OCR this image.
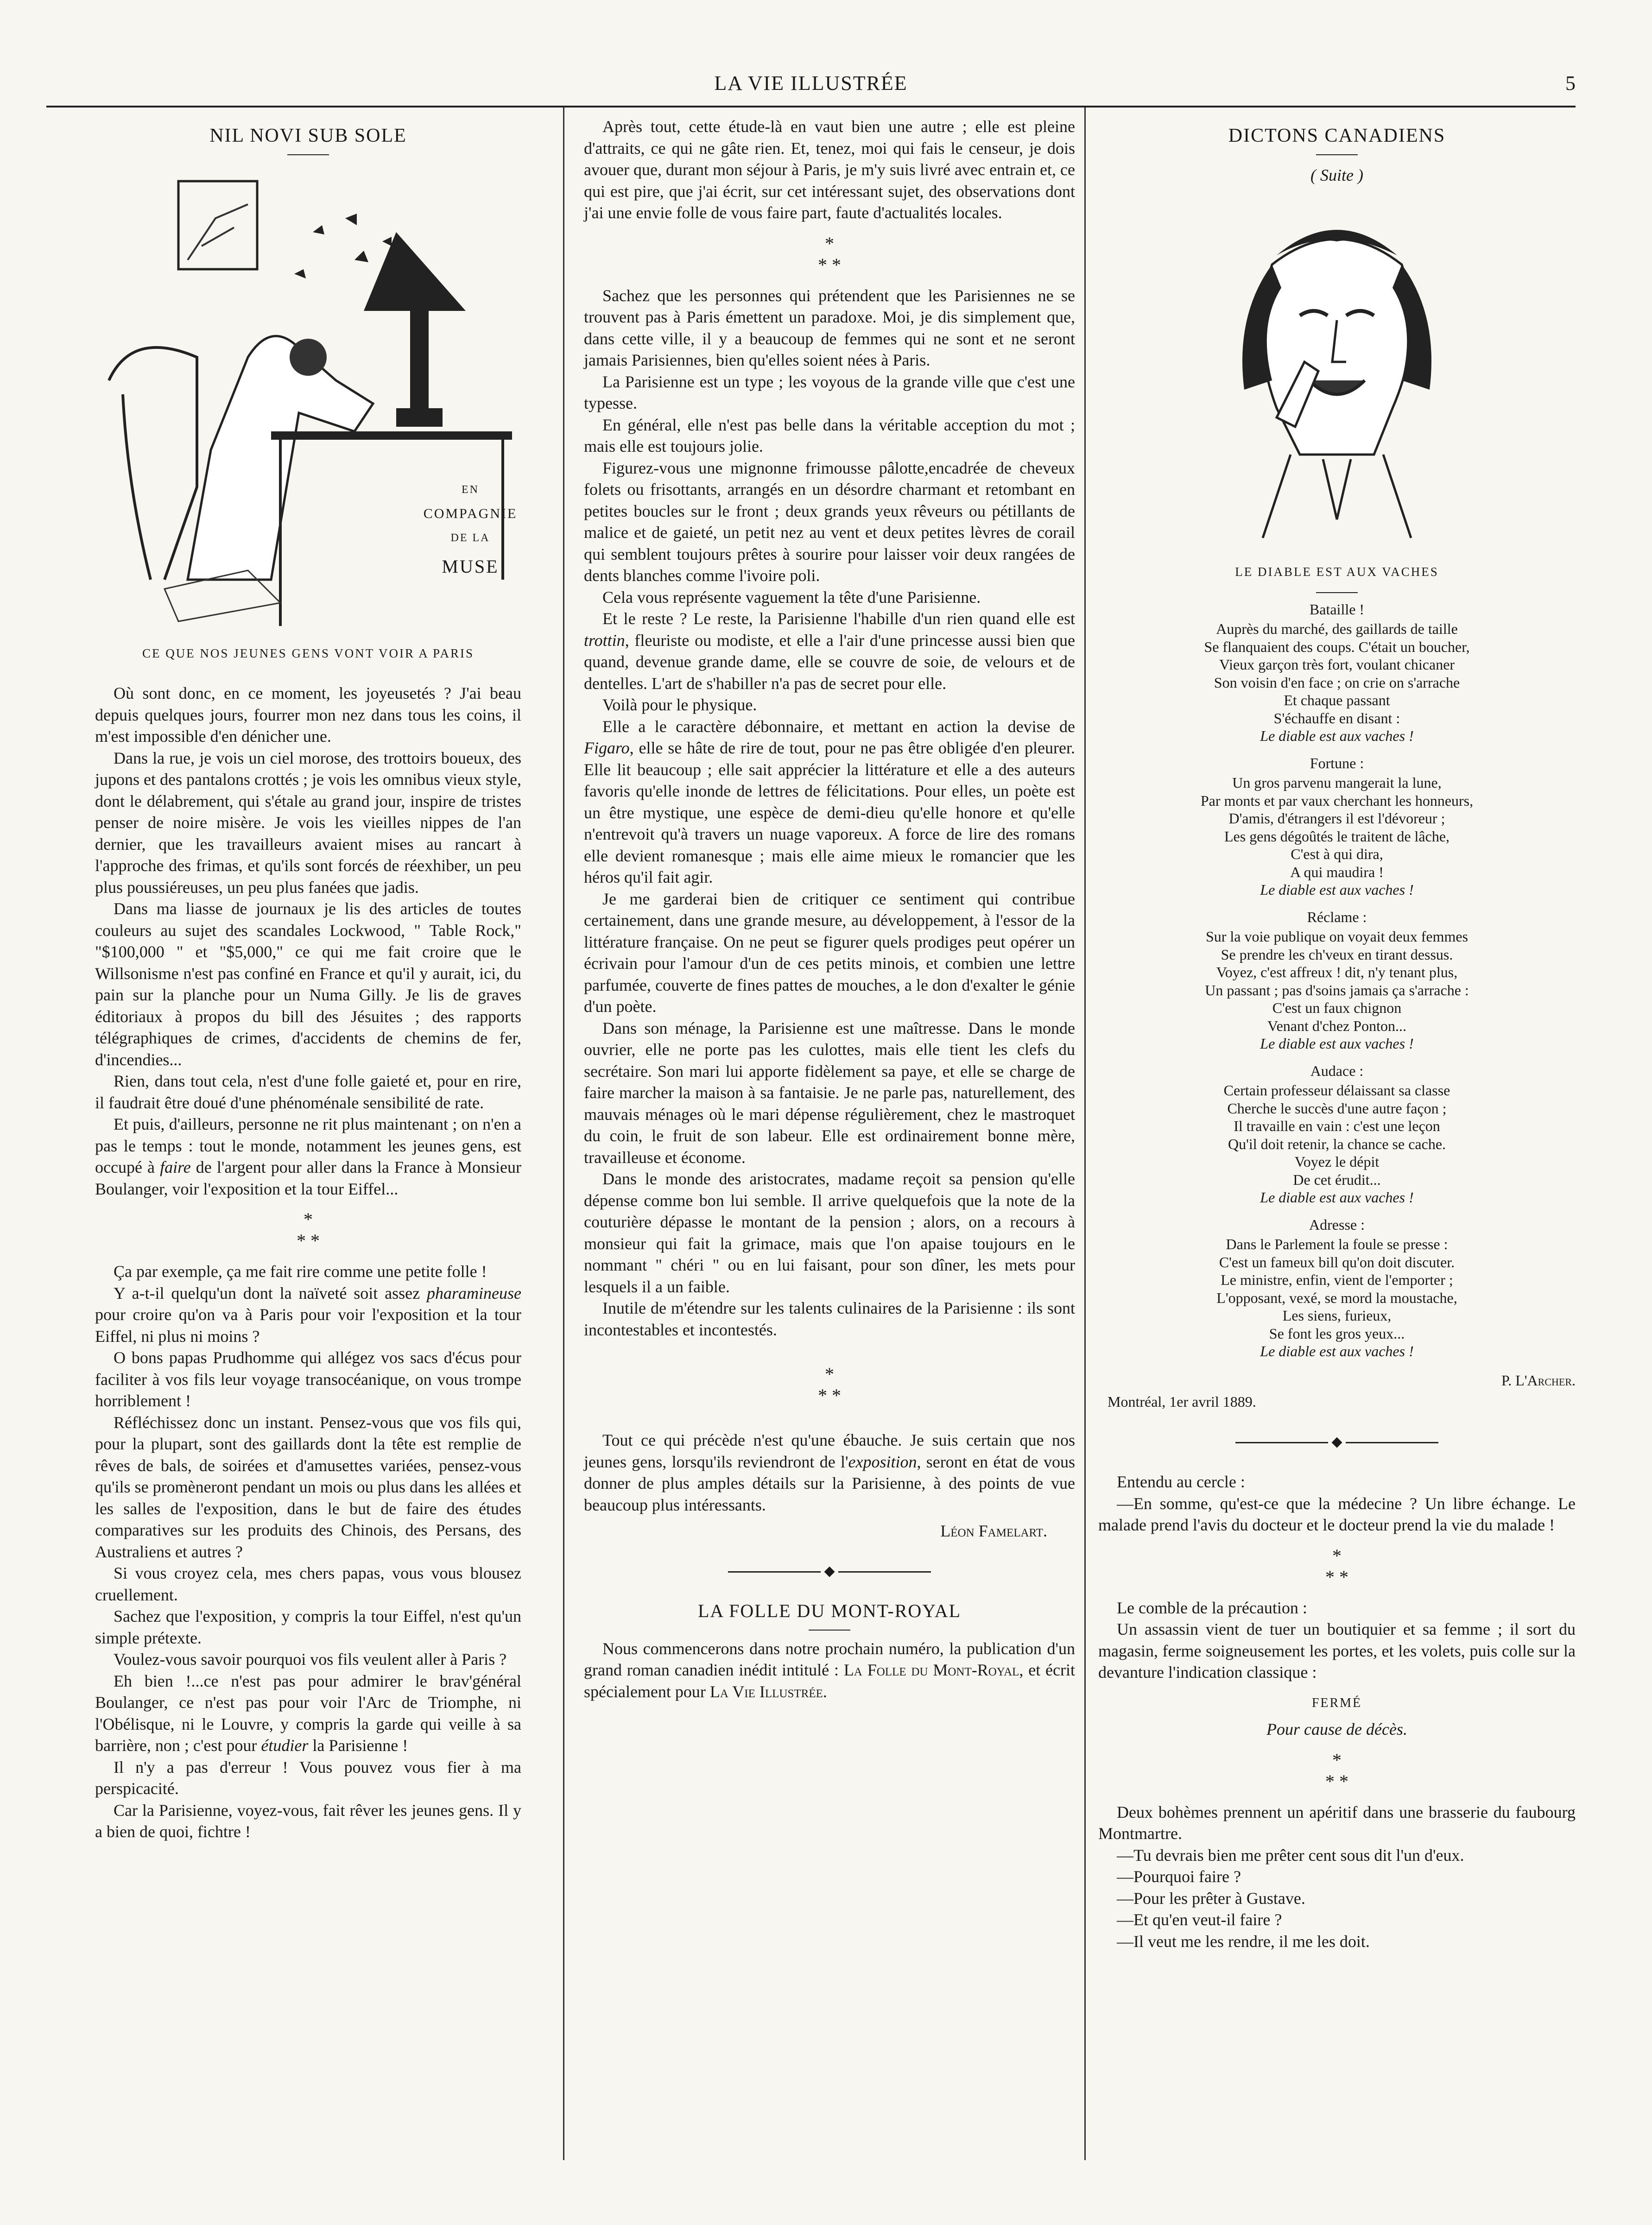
LA VIE ILLUSTRÉE	5
NIL NOVI SUB SOLE
EN
COMPAGNIE
DE LA
MUSE
CE QUE NOS JEUNES GENS VONT VOIR A PARIS

Où sont donc, en ce moment, les joyeusetés ? J'ai beau depuis quelques jours, fourrer mon nez dans tous les coins, il m'est impossible d'en dénicher une.

Dans la rue, je vois un ciel morose, des trottoirs boueux, des jupons et des pantalons crottés ; je vois les omnibus vieux style, dont le délabrement, qui s'étale au grand jour, inspire de tristes penser de noire misère. Je vois les vieilles nippes de l'an dernier, que les travailleurs avaient mises au rancart à l'approche des frimas, et qu'ils sont forcés de réexhiber, un peu plus poussiéreuses, un peu plus fanées que jadis.

Dans ma liasse de journaux je lis des articles de toutes couleurs au sujet des scandales Lockwood, " Table Rock," "$100,000 " et "$5,000," ce qui me fait croire que le Willsonisme n'est pas confiné en France et qu'il y aurait, ici, du pain sur la planche pour un Numa Gilly. Je lis de graves éditoriaux à propos du bill des Jésuites ; des rapports télégraphiques de crimes, d'accidents de chemins de fer, d'incendies...

Rien, dans tout cela, n'est d'une folle gaieté et, pour en rire, il faudrait être doué d'une phénoménale sensibilité de rate.

Et puis, d'ailleurs, personne ne rit plus maintenant ; on n'en a pas le temps : tout le monde, notamment les jeunes gens, est occupé à faire de l'argent pour aller dans la France à Monsieur Boulanger, voir l'exposition et la tour Eiffel...

*
* *

Ça par exemple, ça me fait rire comme une petite folle !

Y a-t-il quelqu'un dont la naïveté soit assez pharamineuse pour croire qu'on va à Paris pour voir l'exposition et la tour Eiffel, ni plus ni moins ?

O bons papas Prudhomme qui allégez vos sacs d'écus pour faciliter à vos fils leur voyage transocéanique, on vous trompe horriblement !

Réfléchissez donc un instant. Pensez-vous que vos fils qui, pour la plupart, sont des gaillards dont la tête est remplie de rêves de bals, de soirées et d'amusettes variées, pensez-vous qu'ils se promèneront pendant un mois ou plus dans les allées et les salles de l'exposition, dans le but de faire des études comparatives sur les produits des Chinois, des Persans, des Australiens et autres ?

Si vous croyez cela, mes chers papas, vous vous blousez cruellement.

Sachez que l'exposition, y compris la tour Eiffel, n'est qu'un simple prétexte.

Voulez-vous savoir pourquoi vos fils veulent aller à Paris ?

Eh bien !...ce n'est pas pour admirer le brav'général Boulanger, ce n'est pas pour voir l'Arc de Triomphe, ni l'Obélisque, ni le Louvre, y compris la garde qui veille à sa barrière, non ; c'est pour étudier la Parisienne !

Il n'y a pas d'erreur ! Vous pouvez vous fier à ma perspicacité.

Car la Parisienne, voyez-vous, fait rêver les jeunes gens. Il y a bien de quoi, fichtre !

Après tout, cette étude-là en vaut bien une autre ; elle est pleine d'attraits, ce qui ne gâte rien. Et, tenez, moi qui fais le censeur, je dois avouer que, durant mon séjour à Paris, je m'y suis livré avec entrain et, ce qui est pire, que j'ai écrit, sur cet intéressant sujet, des observations dont j'ai une envie folle de vous faire part, faute d'actualités locales.

*
* *

Sachez que les personnes qui prétendent que les Parisiennes ne se trouvent pas à Paris émettent un paradoxe. Moi, je dis simplement que, dans cette ville, il y a beaucoup de femmes qui ne sont et ne seront jamais Parisiennes, bien qu'elles soient nées à Paris.

La Parisienne est un type ; les voyous de la grande ville que c'est une typesse.

En général, elle n'est pas belle dans la véritable acception du mot ; mais elle est toujours jolie.

Figurez-vous une mignonne frimousse pâlotte,encadrée de cheveux folets ou frisottants, arrangés en un désordre charmant et retombant en petites boucles sur le front ; deux grands yeux rêveurs ou pétillants de malice et de gaieté, un petit nez au vent et deux petites lèvres de corail qui semblent toujours prêtes à sourire pour laisser voir deux rangées de dents blanches comme l'ivoire poli.

Cela vous représente vaguement la tête d'une Parisienne.

Et le reste ? Le reste, la Parisienne l'habille d'un rien quand elle est trottin, fleuriste ou modiste, et elle a l'air d'une princesse aussi bien que quand, devenue grande dame, elle se couvre de soie, de velours et de dentelles. L'art de s'habiller n'a pas de secret pour elle.

Voilà pour le physique.

Elle a le caractère débonnaire, et mettant en action la devise de Figaro, elle se hâte de rire de tout, pour ne pas être obligée d'en pleurer. Elle lit beaucoup ; elle sait apprécier la littérature et elle a des auteurs favoris qu'elle inonde de lettres de félicitations. Pour elles, un poète est un être mystique, une espèce de demi-dieu qu'elle honore et qu'elle n'entrevoit qu'à travers un nuage vaporeux. A force de lire des romans elle devient romanesque ; mais elle aime mieux le romancier que les héros qu'il fait agir.

Je me garderai bien de critiquer ce sentiment qui contribue certainement, dans une grande mesure, au développement, à l'essor de la littérature française. On ne peut se figurer quels prodiges peut opérer un écrivain pour l'amour d'un de ces petits minois, et combien une lettre parfumée, couverte de fines pattes de mouches, a le don d'exalter le génie d'un poète.

Dans son ménage, la Parisienne est une maîtresse. Dans le monde ouvrier, elle ne porte pas les culottes, mais elle tient les clefs du secrétaire. Son mari lui apporte fidèlement sa paye, et elle se charge de faire marcher la maison à sa fantaisie. Je ne parle pas, naturellement, des mauvais ménages où le mari dépense régulièrement, chez le mastroquet du coin, le fruit de son labeur. Elle est ordinairement bonne mère, travailleuse et économe.

Dans le monde des aristocrates, madame reçoit sa pension qu'elle dépense comme bon lui semble. Il arrive quelquefois que la note de la couturière dépasse le montant de la pension ; alors, on a recours à monsieur qui fait la grimace, mais que l'on apaise toujours en le nommant " chéri " ou en lui faisant, pour son dîner, les mets pour lesquels il a un faible.

Inutile de m'étendre sur les talents culinaires de la Parisienne : ils sont incontestables et incontestés.

*
* *

Tout ce qui précède n'est qu'une ébauche. Je suis certain que nos jeunes gens, lorsqu'ils reviendront de l'exposition, seront en état de vous donner de plus amples détails sur la Parisienne, à des points de vue beaucoup plus intéressants.

Léon Famelart.
◆
LA FOLLE DU MONT-ROYAL

Nous commencerons dans notre prochain numéro, la publication d'un grand roman canadien inédit intitulé : La Folle du Mont-Royal, et écrit spécialement pour La Vie Illustrée.

DICTONS CANADIENS
( Suite )
LE DIABLE EST AUX VACHES
Bataille !
Auprès du marché, des gaillards de taille
Se flanquaient des coups. C'était un boucher,
Vieux garçon très fort, voulant chicaner
Son voisin d'en face ; on crie on s'arrache
Et chaque passant
S'échauffe en disant :
Le diable est aux vaches !
Fortune :
Un gros parvenu mangerait la lune,
Par monts et par vaux cherchant les honneurs,
D'amis, d'étrangers il est l'dévoreur ;
Les gens dégoûtés le traitent de lâche,
C'est à qui dira,
A qui maudira !
Le diable est aux vaches !
Réclame :
Sur la voie publique on voyait deux femmes
Se prendre les ch'veux en tirant dessus.
Voyez, c'est affreux ! dit, n'y tenant plus,
Un passant ; pas d'soins jamais ça s'arrache :
C'est un faux chignon
Venant d'chez Ponton...
Le diable est aux vaches !
Audace :
Certain professeur délaissant sa classe
Cherche le succès d'une autre façon ;
Il travaille en vain : c'est une leçon
Qu'il doit retenir, la chance se cache.
Voyez le dépit
De cet érudit...
Le diable est aux vaches !
Adresse :
Dans le Parlement la foule se presse :
C'est un fameux bill qu'on doit discuter.
Le ministre, enfin, vient de l'emporter ;
L'opposant, vexé, se mord la moustache,
Les siens, furieux,
Se font les gros yeux...
Le diable est aux vaches !
P. L'Archer.
Montréal, 1er avril 1889.
◆

Entendu au cercle :

—En somme, qu'est-ce que la médecine ? Un libre échange. Le malade prend l'avis du docteur et le docteur prend la vie du malade !

*
* *

Le comble de la précaution :

Un assassin vient de tuer un boutiquier et sa femme ; il sort du magasin, ferme soigneusement les portes, et les volets, puis colle sur la devanture l'indication classique :

FERMÉ
Pour cause de décès.
*
* *

Deux bohèmes prennent un apéritif dans une brasserie du faubourg Montmartre.

—Tu devrais bien me prêter cent sous dit l'un d'eux.

—Pourquoi faire ?

—Pour les prêter à Gustave.

—Et qu'en veut-il faire ?

—Il veut me les rendre, il me les doit.
